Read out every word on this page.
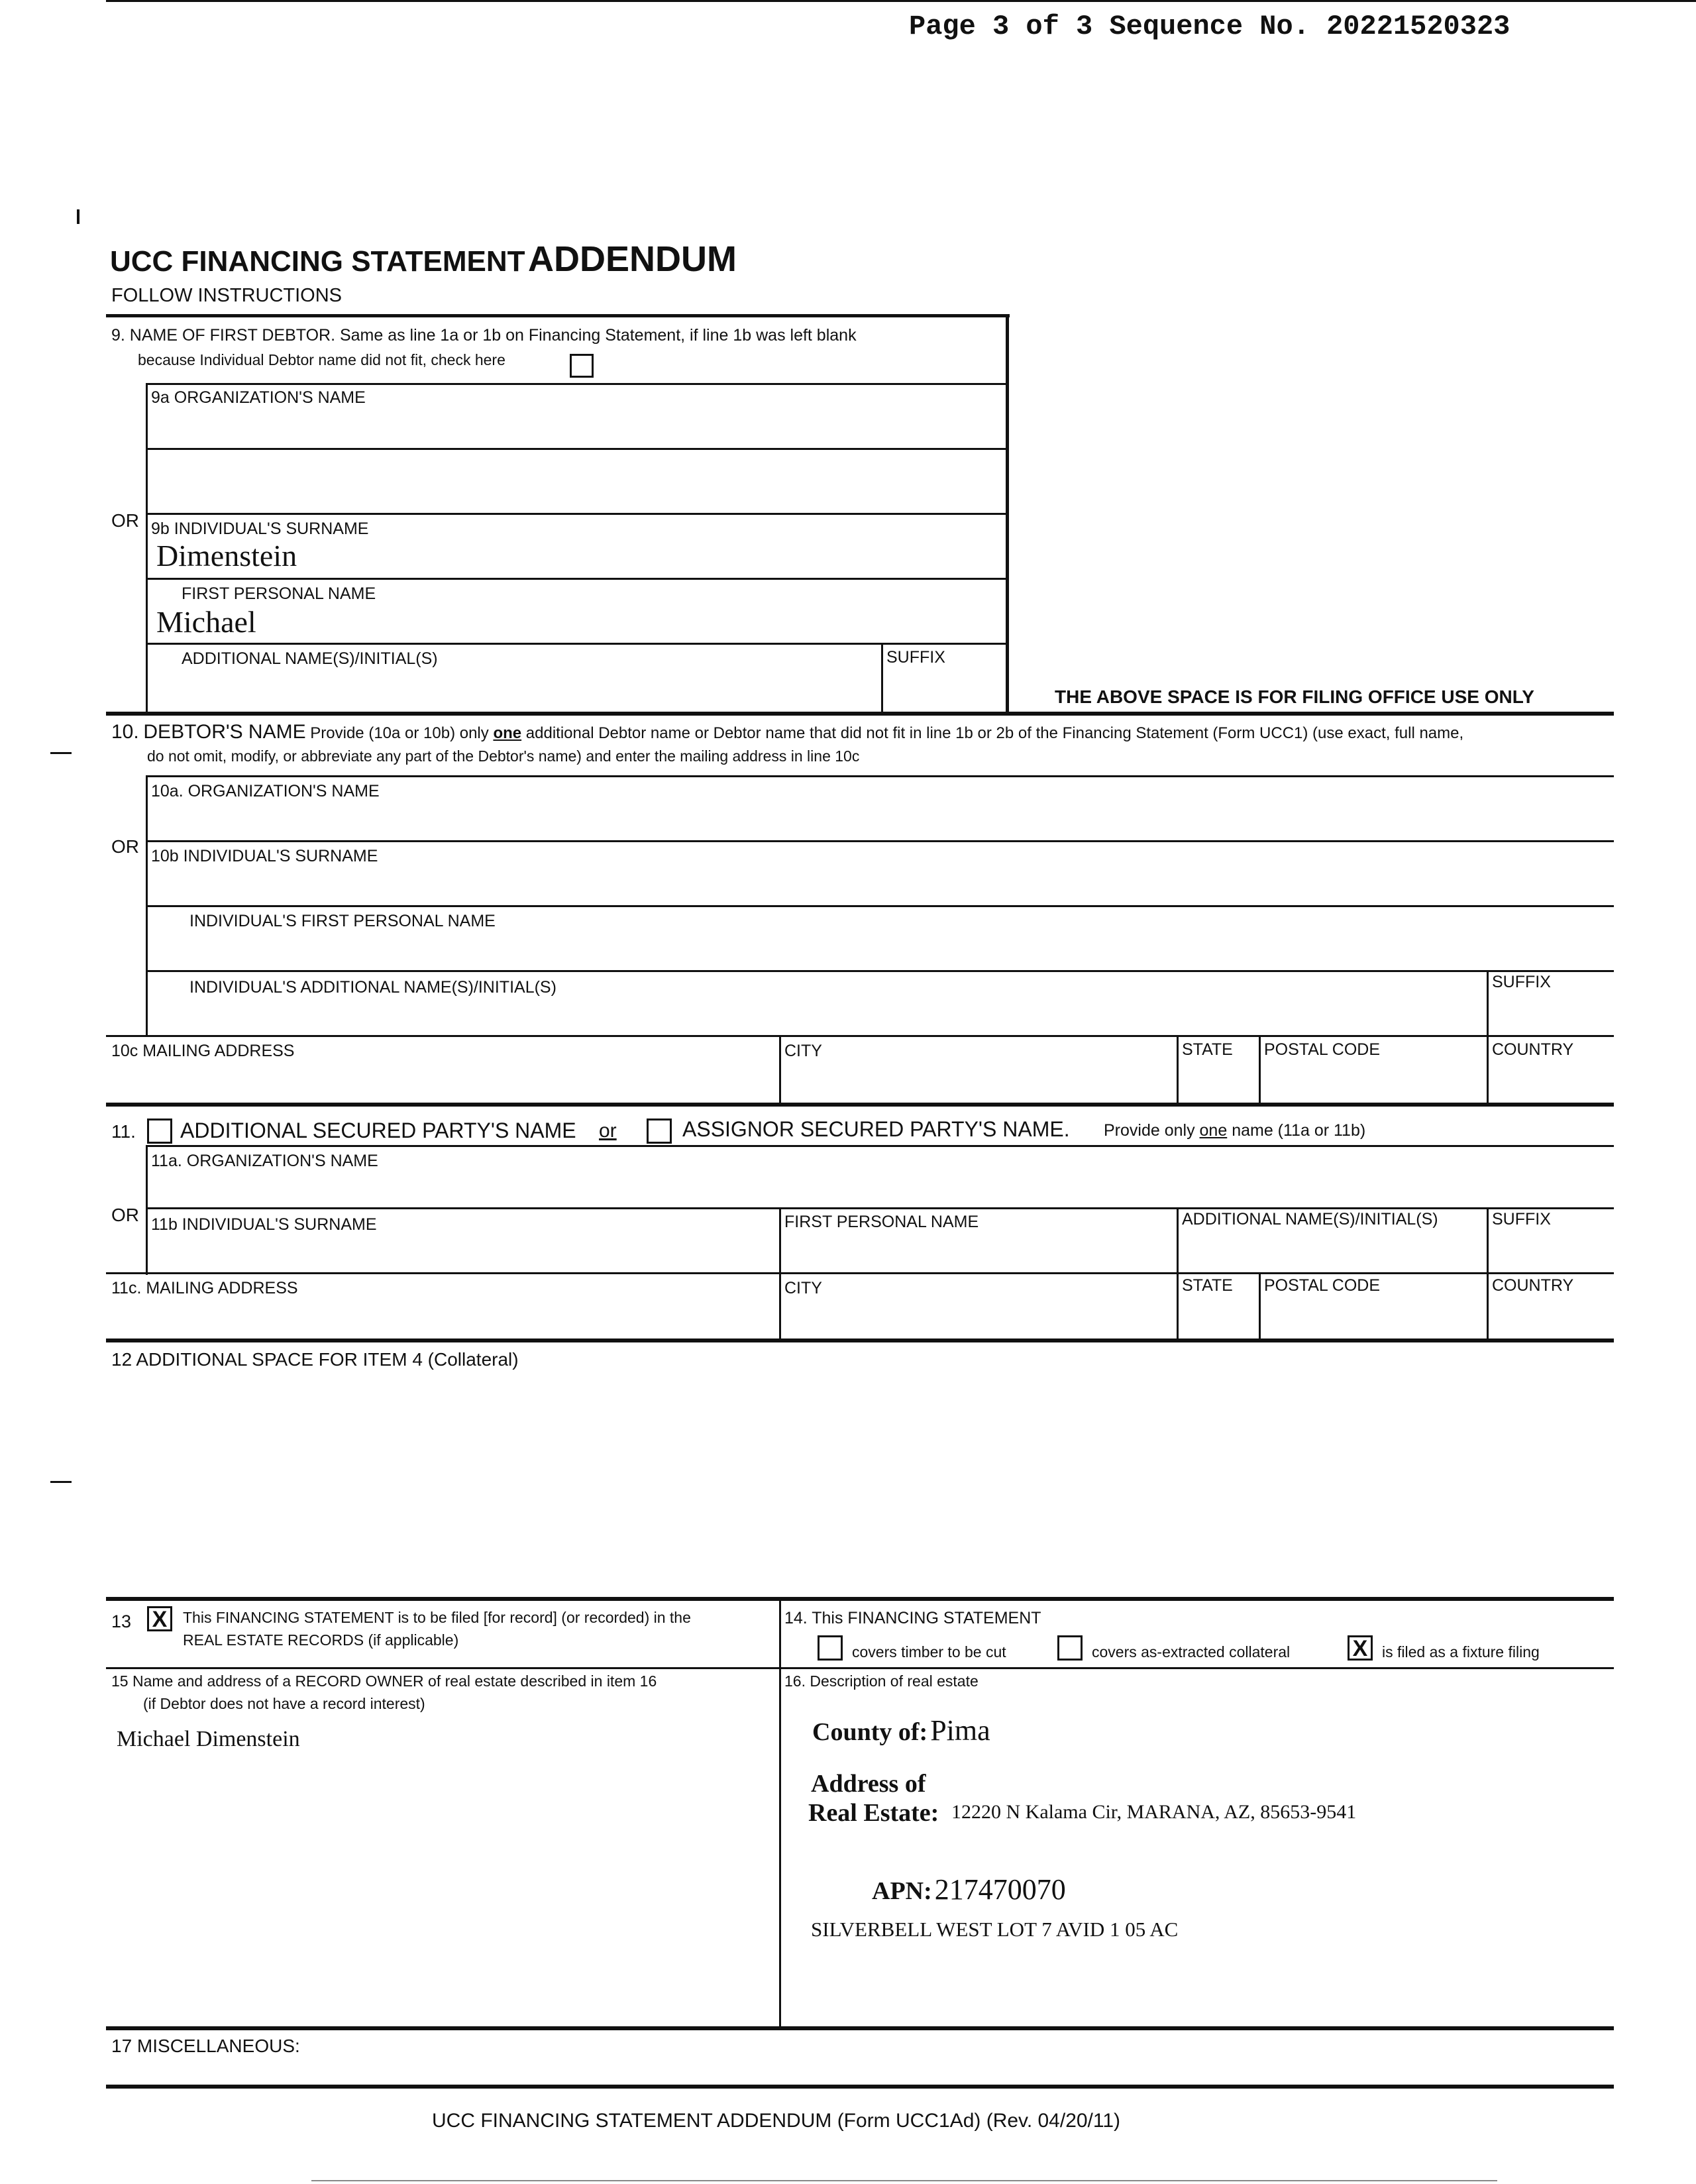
Page 3 of 3 Sequence No. 20221520323
UCC FINANCING STATEMENT ADDENDUM
FOLLOW INSTRUCTIONS
9. NAME OF FIRST DEBTOR. Same as line 1a or 1b on Financing Statement, if line 1b was left blank
because Individual Debtor name did not fit, check here
9a ORGANIZATION'S NAME
OR 9b INDIVIDUAL'S SURNAME
Dimenstein
FIRST PERSONAL NAME
Michael
ADDITIONAL NAME(S)/INITIAL(S)	SUFFIX
THE ABOVE SPACE IS FOR FILING OFFICE USE ONLY
10. DEBTOR'S NAME Provide (10a or 10b) only one additional Debtor name or Debtor name that did not fit in line 1b or 2b of the Financing Statement (Form UCC1) (use exact, full name,
do not omit, modify, or abbreviate any part of the Debtor's name) and enter the mailing address in line 10c
10a. ORGANIZATION'S NAME
OR 10b INDIVIDUAL'S SURNAME
INDIVIDUAL'S FIRST PERSONAL NAME
INDIVIDUAL'S ADDITIONAL NAME(S)/INITIAL(S)	SUFFIX
10c MAILING ADDRESS	CITY	STATE POSTAL CODE	COUNTRY
11. ADDITIONAL SECURED PARTY'S NAME or	ASSIGNOR SECURED PARTY'S NAME. Provide only one name (11a or 11b)
11a. ORGANIZATION'S NAME
OR 11b INDIVIDUAL'S SURNAME	FIRST PERSONAL NAME	ADDITIONAL NAME(S)/INITIAL(S)	SUFFIX
11c. MAILING ADDRESS	CITY	STATE POSTAL CODE	COUNTRY
12 ADDITIONAL SPACE FOR ITEM 4 (Collateral)
13 X	This FINANCING STATEMENT is to be filed [for record] (or recorded) in the
REAL ESTATE RECORDS (if applicable)
14. This FINANCING STATEMENT
covers timber to be cut	covers as-extracted collateral	X is filed as a fixture filing
15 Name and address of a RECORD OWNER of real estate described in item 16
(if Debtor does not have a record interest)
Michael Dimenstein
16. Description of real estate
County of: Pima
Address of
Real Estate: 12220 N Kalama Cir, MARANA, AZ, 85653-9541
APN: 217470070
SILVERBELL WEST LOT 7 AVID 1 05 AC
17 MISCELLANEOUS:
UCC FINANCING STATEMENT ADDENDUM (Form UCC1Ad) (Rev. 04/20/11)
